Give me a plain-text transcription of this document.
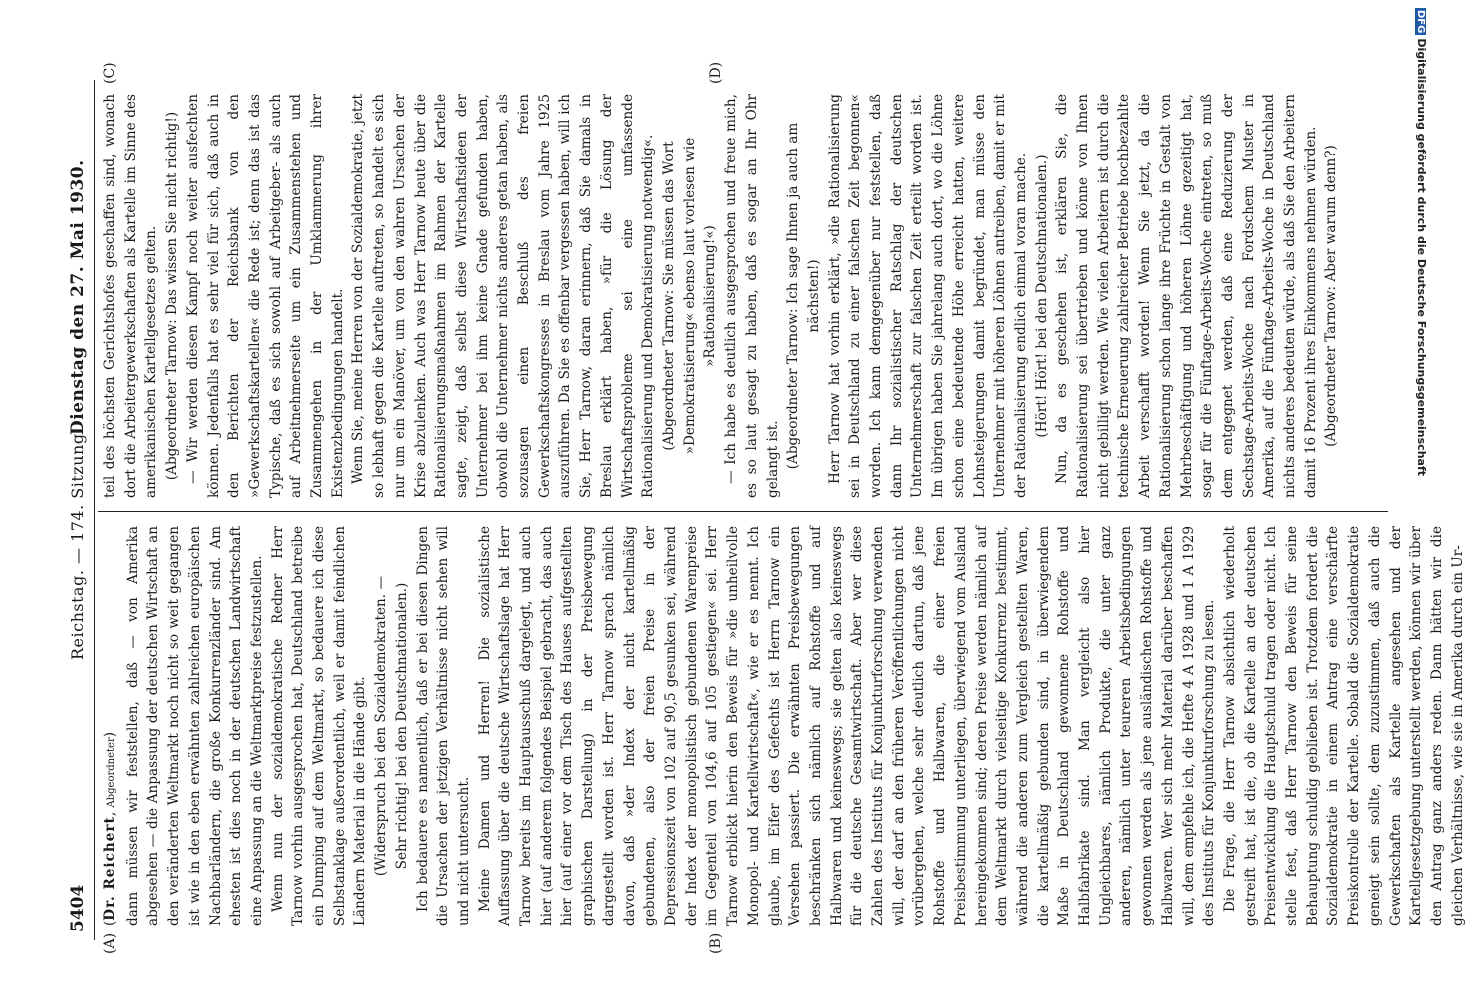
5404
Reichstag. — 174. Sitzung.
Dienstag den 27. Mai 1930.
(A)	(B)
(C)	(D)

(Dr. Reichert, Abgeordneter) dann müssen wir feststellen, daß — von Amerika abgesehen — die Anpassung der deutschen Wirtschaft an den veränderten Weltmarkt noch nicht so weit gegangen ist wie in den eben erwähnten zahlreichen europäischen Nachbarländern, die große Konkurrenzländer sind. Am ehesten ist dies noch in der deutschen Landwirtschaft eine Anpassung an die Weltmarktpreise festzustellen. Wenn nun der sozialdemokratische Redner Herr Tarnow vorhin ausgesprochen hat, Deutschland betreibe ein Dumping auf dem Weltmarkt, so bedauere ich diese Selbstanklage außerordentlich, weil er damit feindlichen Ländern Material in die Hände gibt. (Widerspruch bei den Sozialdemokraten. — Sehr richtig! bei den Deutschnationalen.) Ich bedauere es namentlich, daß er bei diesen Dingen die Ursachen der jetzigen Verhältnisse nicht sehen will und nicht untersucht. Meine Damen und Herren! Die sozialistische Auffassung über die deutsche Wirtschaftslage hat Herr Tarnow bereits im Hauptausschuß dargelegt, und auch hier (auf anderem folgendes Beispiel gebracht, das auch hier (auf einer vor dem Tisch des Hauses aufgestellten graphischen Darstellung) in der Preisbewegung dargestellt worden ist. Herr Tarnow sprach nämlich davon, daß »der Index der nicht kartellmäßig gebundenen, also der freien Preise in der Depressionszeit von 102 auf 90,5 gesunken sei, während der Index der monopolistisch gebundenen Warenpreise im Gegenteil von 104,6 auf 105 gestiegen« sei. Herr Tarnow erblickt hierin den Beweis für »die unheilvolle Monopol- und Kartellwirtschaft«, wie er es nennt. Ich glaube, im Eifer des Gefechts ist Herrn Tarnow ein Versehen passiert. Die erwähnten Preisbewegungen beschränken sich nämlich auf Rohstoffe und auf Halbwaren und keineswegs; sie gelten also keineswegs für die deutsche Gesamtwirtschaft. Aber wer diese Zahlen des Instituts für Konjunkturforschung verwenden will, der darf an den früheren Veröffentlichungen nicht vorübergehen, welche sehr deutlich dartun, daß jene Rohstoffe und Halbwaren, die einer freien Preisbestimmung unterliegen, überwiegend vom Ausland hereingekommen sind; deren Preise werden nämlich auf dem Weltmarkt durch vielseitige Konkurrenz bestimmt, während die anderen zum Vergleich gestellten Waren, die kartellmäßig gebunden sind, in überwiegendem Maße in Deutschland gewonnene Rohstoffe und Halbfabrikate sind. Man vergleicht also hier Ungleichbares, nämlich Produkte, die unter ganz anderen, nämlich unter teureren Arbeitsbedingungen gewonnen werden als jene ausländischen Rohstoffe und Halbwaren. Wer sich mehr Material darüber beschaffen will, dem empfehle ich, die Hefte 4 A 1928 und 1 A 1929 des Instituts für Konjunkturforschung zu lesen. Die Frage, die Herr Tarnow absichtlich wiederholt gestreift hat, ist die, ob die Kartelle an der deutschen Preisentwicklung die Hauptschuld tragen oder nicht. Ich stelle fest, daß Herr Tarnow den Beweis für seine Behauptung schuldig geblieben ist. Trotzdem fordert die Sozialdemokratie in einem Antrag eine verschärfte Preiskontrolle der Kartelle. Sobald die Sozialdemokratie geneigt sein sollte, dem zuzustimmen, daß auch die Gewerkschaften als Kartelle angesehen und der Kartellgesetzgebung unterstellt werden, können wir über den Antrag ganz anders reden. Dann hätten wir die gleichen Verhältnisse, wie sie in Amerika durch ein Ur-

teil des höchsten Gerichtshofes geschaffen sind, wonach dort die Arbeitergewerkschaften als Kartelle im Sinne des amerikanischen Kartellgesetzes gelten. (Abgeordneter Tarnow: Das wissen Sie nicht richtig!) — Wir werden diesen Kampf noch weiter ausfechten können. Jedenfalls hat es sehr viel für sich, daß auch in den Berichten der Reichsbank von den »Gewerkschaftskartellen« die Rede ist; denn das ist das Typische, daß es sich sowohl auf Arbeitgeber- als auch auf Arbeitnehmerseite um ein Zusammenstehen und Zusammengehen in der Umklammerung ihrer Existenzbedingungen handelt. Wenn Sie, meine Herren von der Sozialdemokratie, jetzt so lebhaft gegen die Kartelle auftreten, so handelt es sich nur um ein Manöver, um von den wahren Ursachen der Krise abzulenken. Auch was Herr Tarnow heute über die Rationalisierungsmaßnahmen im Rahmen der Kartelle sagte, zeigt, daß selbst diese Wirtschaftsideen der Unternehmer bei ihm keine Gnade gefunden haben, obwohl die Unternehmer nichts anderes getan haben, als sozusagen einen Beschluß des freien Gewerkschaftskongresses in Breslau vom Jahre 1925 auszuführen. Da Sie es offenbar vergessen haben, will ich Sie, Herr Tarnow, daran erinnern, daß Sie damals in Breslau erklärt haben, »für die Lösung der Wirtschaftsprobleme sei eine umfassende Rationalisierung und Demokratisierung notwendig«. (Abgeordneter Tarnow: Sie müssen das Wort »Demokratisierung« ebenso laut vorlesen wie »Rationalisierung!«) — Ich habe es deutlich ausgesprochen und freue mich, es so laut gesagt zu haben, daß es sogar an Ihr Ohr gelangt ist. (Abgeordneter Tarnow: Ich sage Ihnen ja auch am nächsten!) Herr Tarnow hat vorhin erklärt, »die Rationalisierung sei in Deutschland zu einer falschen Zeit begonnen« worden. Ich kann demgegenüber nur feststellen, daß dann Ihr sozialistischer Ratschlag der deutschen Unternehmerschaft zur falschen Zeit erteilt worden ist. Im übrigen haben Sie jahrelang auch dort, wo die Löhne schon eine bedeutende Höhe erreicht hatten, weitere Lohnsteigerungen damit begründet, man müsse den Unternehmer mit höheren Löhnen antreiben, damit er mit der Rationalisierung endlich einmal voran mache. (Hört! Hört! bei den Deutschnationalen.) Nun, da es geschehen ist, erklären Sie, die Rationalisierung sei übertrieben und könne von Ihnen nicht gebilligt werden. Wie vielen Arbeitern ist durch die technische Erneuerung zahlreicher Betriebe hochbezahlte Arbeit verschafft worden! Wenn Sie jetzt, da die Rationalisierung schon lange ihre Früchte in Gestalt von Mehrbeschäftigung und höheren Löhne gezeitigt hat, sogar für die Fünftage-Arbeits-Woche eintreten, so muß dem entgegnet werden, daß eine Reduzierung der Sechstage-Arbeits-Woche nach Fordschem Muster in Amerika, auf die Fünftage-Arbeits-Woche in Deutschland nichts anderes bedeuten würde, als daß Sie den Arbeitern damit 16 Prozent ihres Einkommens nehmen würden. (Abgeordneter Tarnow: Aber warum denn?)

DFGDigitalisierung gefördert durch die Deutsche Forschungsgemeinschaft
